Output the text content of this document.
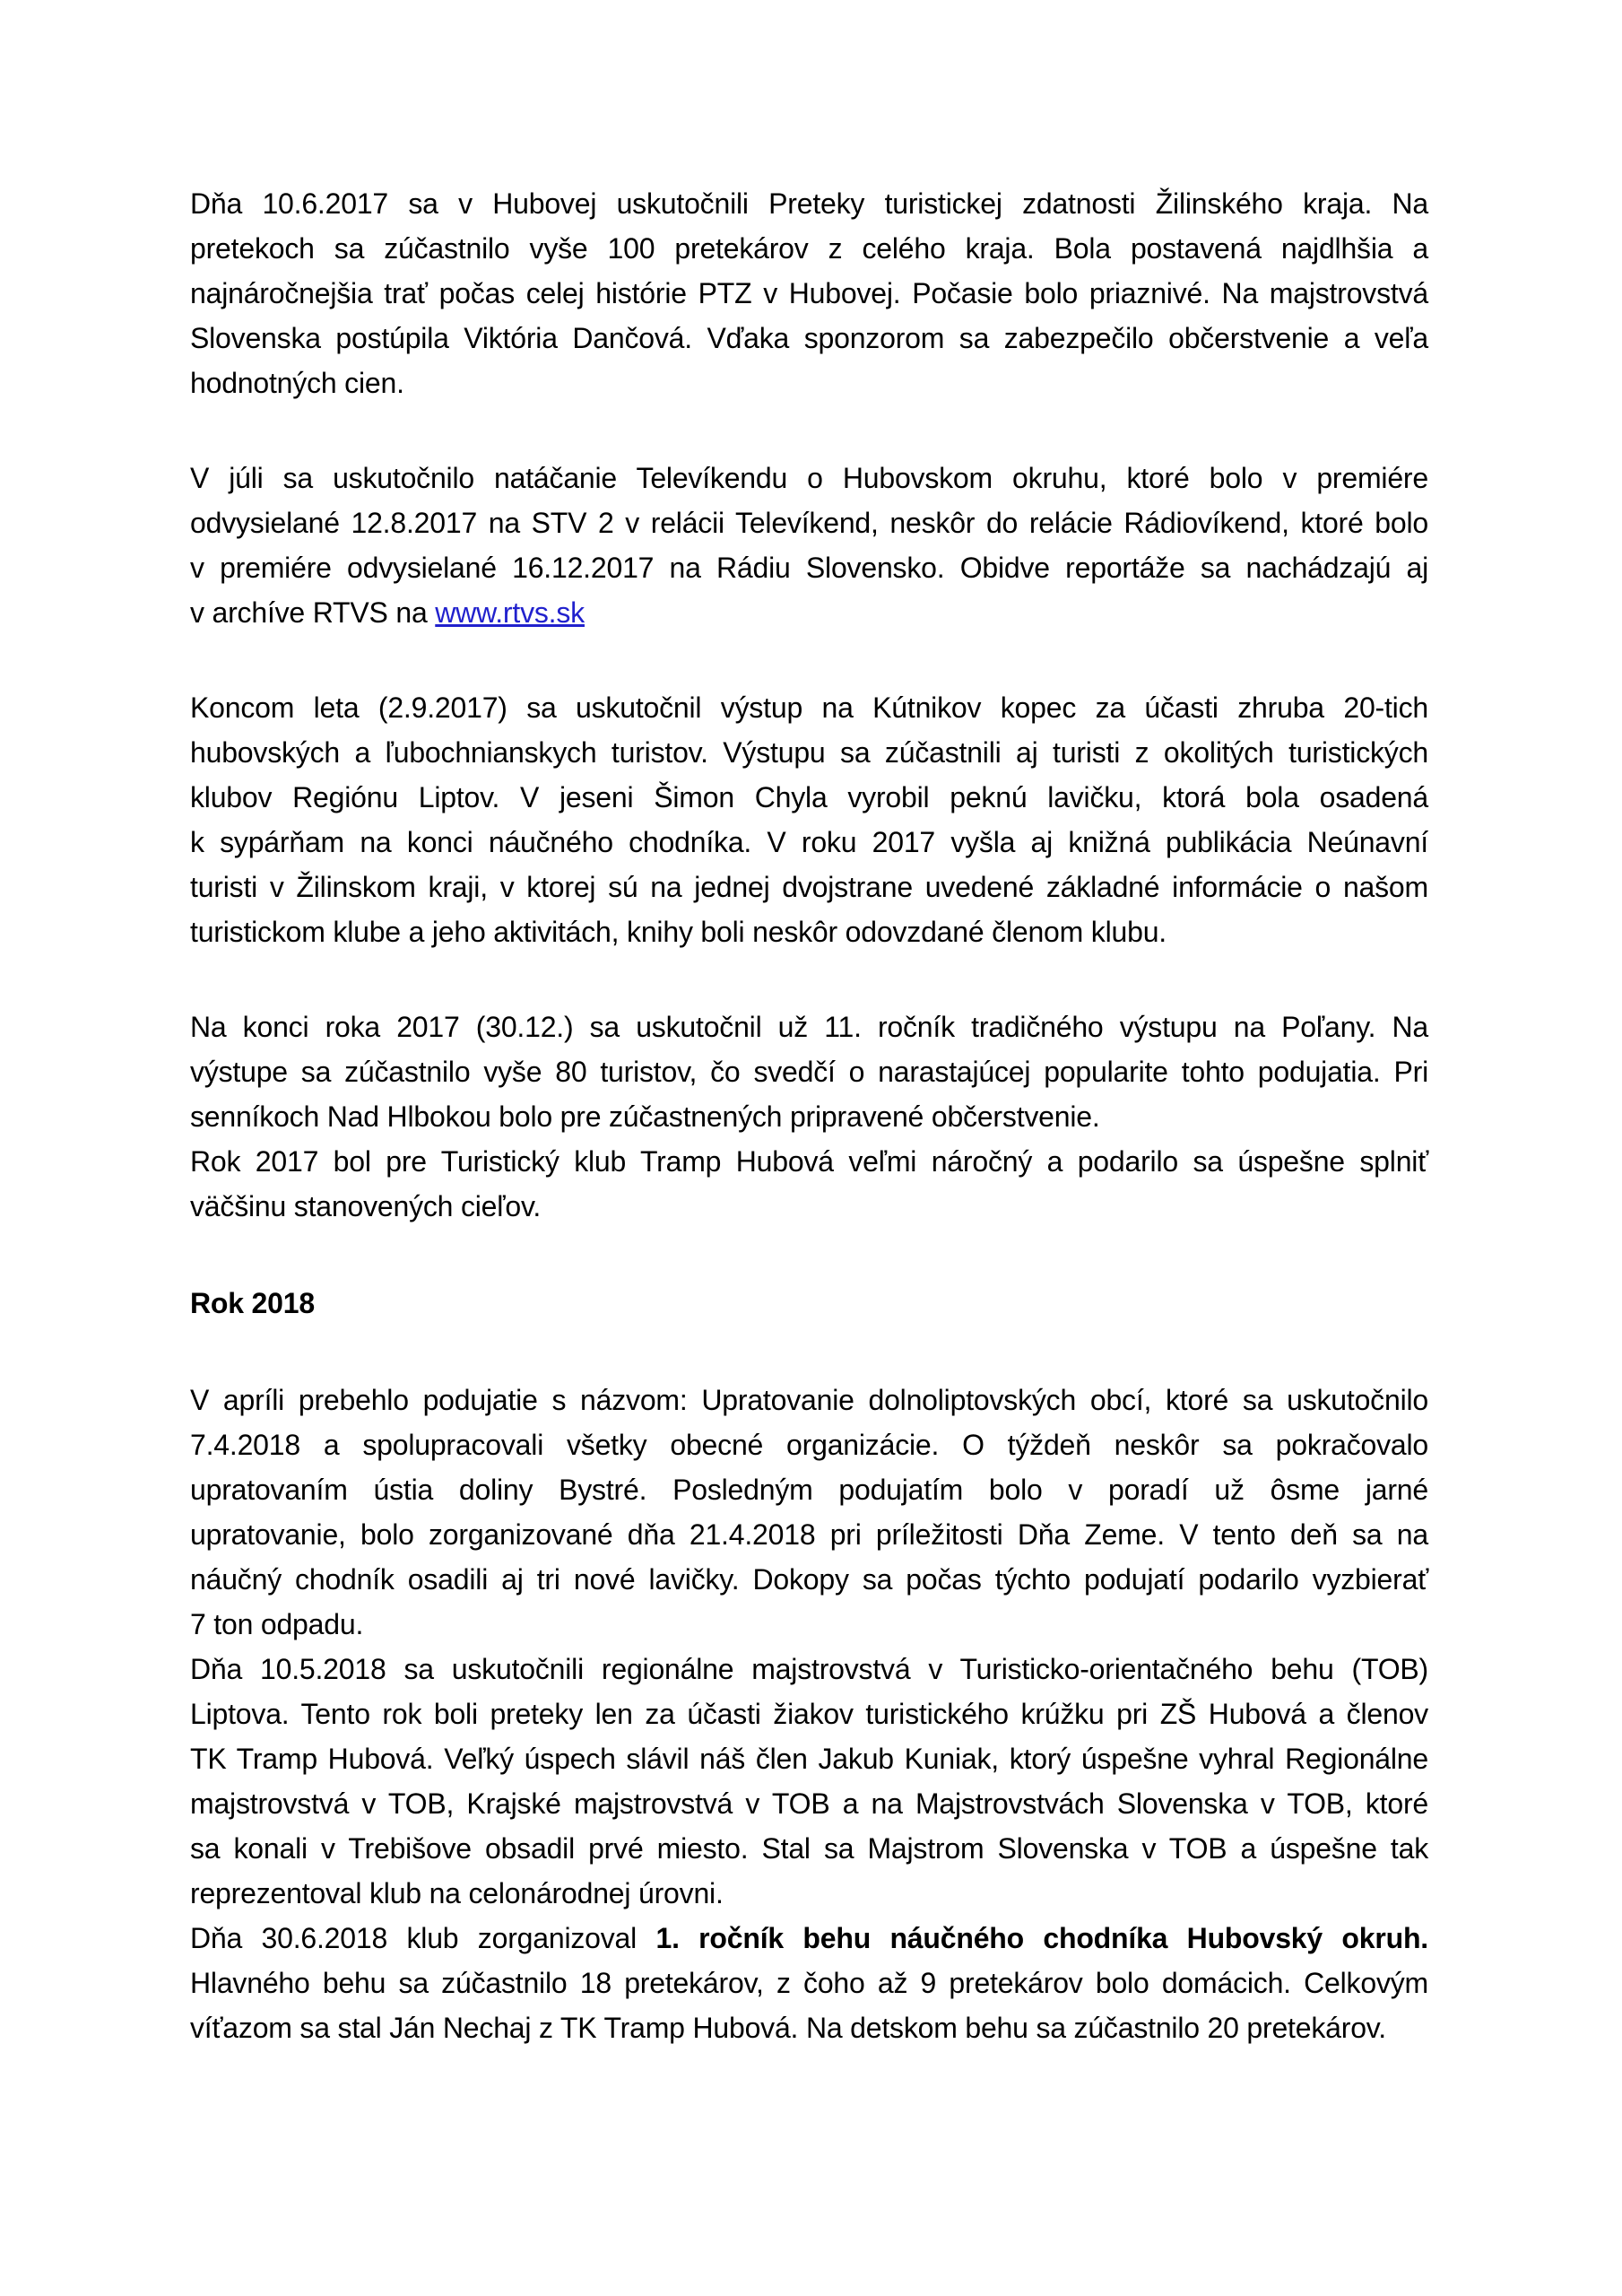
Dňa 10.6.2017 sa v Hubovej uskutočnili Preteky turistickej zdatnosti Žilinského kraja. Na
pretekoch sa zúčastnilo vyše 100 pretekárov z celého kraja. Bola postavená najdlhšia a
najnáročnejšia trať počas celej histórie PTZ v Hubovej. Počasie bolo priaznivé. Na majstrovstvá
Slovenska postúpila Viktória Dančová. Vďaka sponzorom sa zabezpečilo občerstvenie a veľa
hodnotných cien.
V júli sa uskutočnilo natáčanie Televíkendu o Hubovskom okruhu, ktoré bolo v premiére
odvysielané 12.8.2017 na STV 2 v relácii Televíkend, neskôr do relácie Rádiovíkend, ktoré bolo
v premiére odvysielané 16.12.2017 na Rádiu Slovensko. Obidve reportáže sa nachádzajú aj
v archíve RTVS na www.rtvs.sk
Koncom leta (2.9.2017) sa uskutočnil výstup na Kútnikov kopec za účasti zhruba 20-tich
hubovských a ľubochnianskych turistov. Výstupu sa zúčastnili aj turisti z okolitých turistických
klubov Regiónu Liptov. V jeseni Šimon Chyla vyrobil peknú lavičku, ktorá bola osadená
k sypárňam na konci náučného chodníka. V roku 2017 vyšla aj knižná publikácia Neúnavní
turisti v Žilinskom kraji, v ktorej sú na jednej dvojstrane uvedené základné informácie o našom
turistickom klube a jeho aktivitách, knihy boli neskôr odovzdané členom klubu.
Na konci roka 2017 (30.12.) sa uskutočnil už 11. ročník tradičného výstupu na Poľany. Na
výstupe sa zúčastnilo vyše 80 turistov, čo svedčí o narastajúcej popularite tohto podujatia. Pri
senníkoch Nad Hlbokou bolo pre zúčastnených pripravené občerstvenie.
Rok 2017 bol pre Turistický klub Tramp Hubová veľmi náročný a podarilo sa úspešne splniť
väčšinu stanovených cieľov.
Rok 2018
V apríli prebehlo podujatie s názvom: Upratovanie dolnoliptovských obcí, ktoré sa uskutočnilo
7.4.2018 a spolupracovali všetky obecné organizácie. O týždeň neskôr sa pokračovalo
upratovaním ústia doliny Bystré. Posledným podujatím bolo v poradí už ôsme jarné
upratovanie, bolo zorganizované dňa 21.4.2018 pri príležitosti Dňa Zeme. V tento deň sa na
náučný chodník osadili aj tri nové lavičky. Dokopy sa počas týchto podujatí podarilo vyzbierať
7 ton odpadu.
Dňa 10.5.2018 sa uskutočnili regionálne majstrovstvá v Turisticko-orientačného behu (TOB)
Liptova. Tento rok boli preteky len za účasti žiakov turistického krúžku pri ZŠ Hubová a členov
TK Tramp Hubová. Veľký úspech slávil náš člen Jakub Kuniak, ktorý úspešne vyhral Regionálne
majstrovstvá v TOB, Krajské majstrovstvá v TOB a na Majstrovstvách Slovenska v TOB, ktoré
sa konali v Trebišove obsadil prvé miesto. Stal sa Majstrom Slovenska v TOB a úspešne tak
reprezentoval klub na celonárodnej úrovni.
Dňa 30.6.2018 klub zorganizoval 1. ročník behu náučného chodníka Hubovský okruh.
Hlavného behu sa zúčastnilo 18 pretekárov, z čoho až 9 pretekárov bolo domácich. Celkovým
víťazom sa stal Ján Nechaj z TK Tramp Hubová. Na detskom behu sa zúčastnilo 20 pretekárov.
